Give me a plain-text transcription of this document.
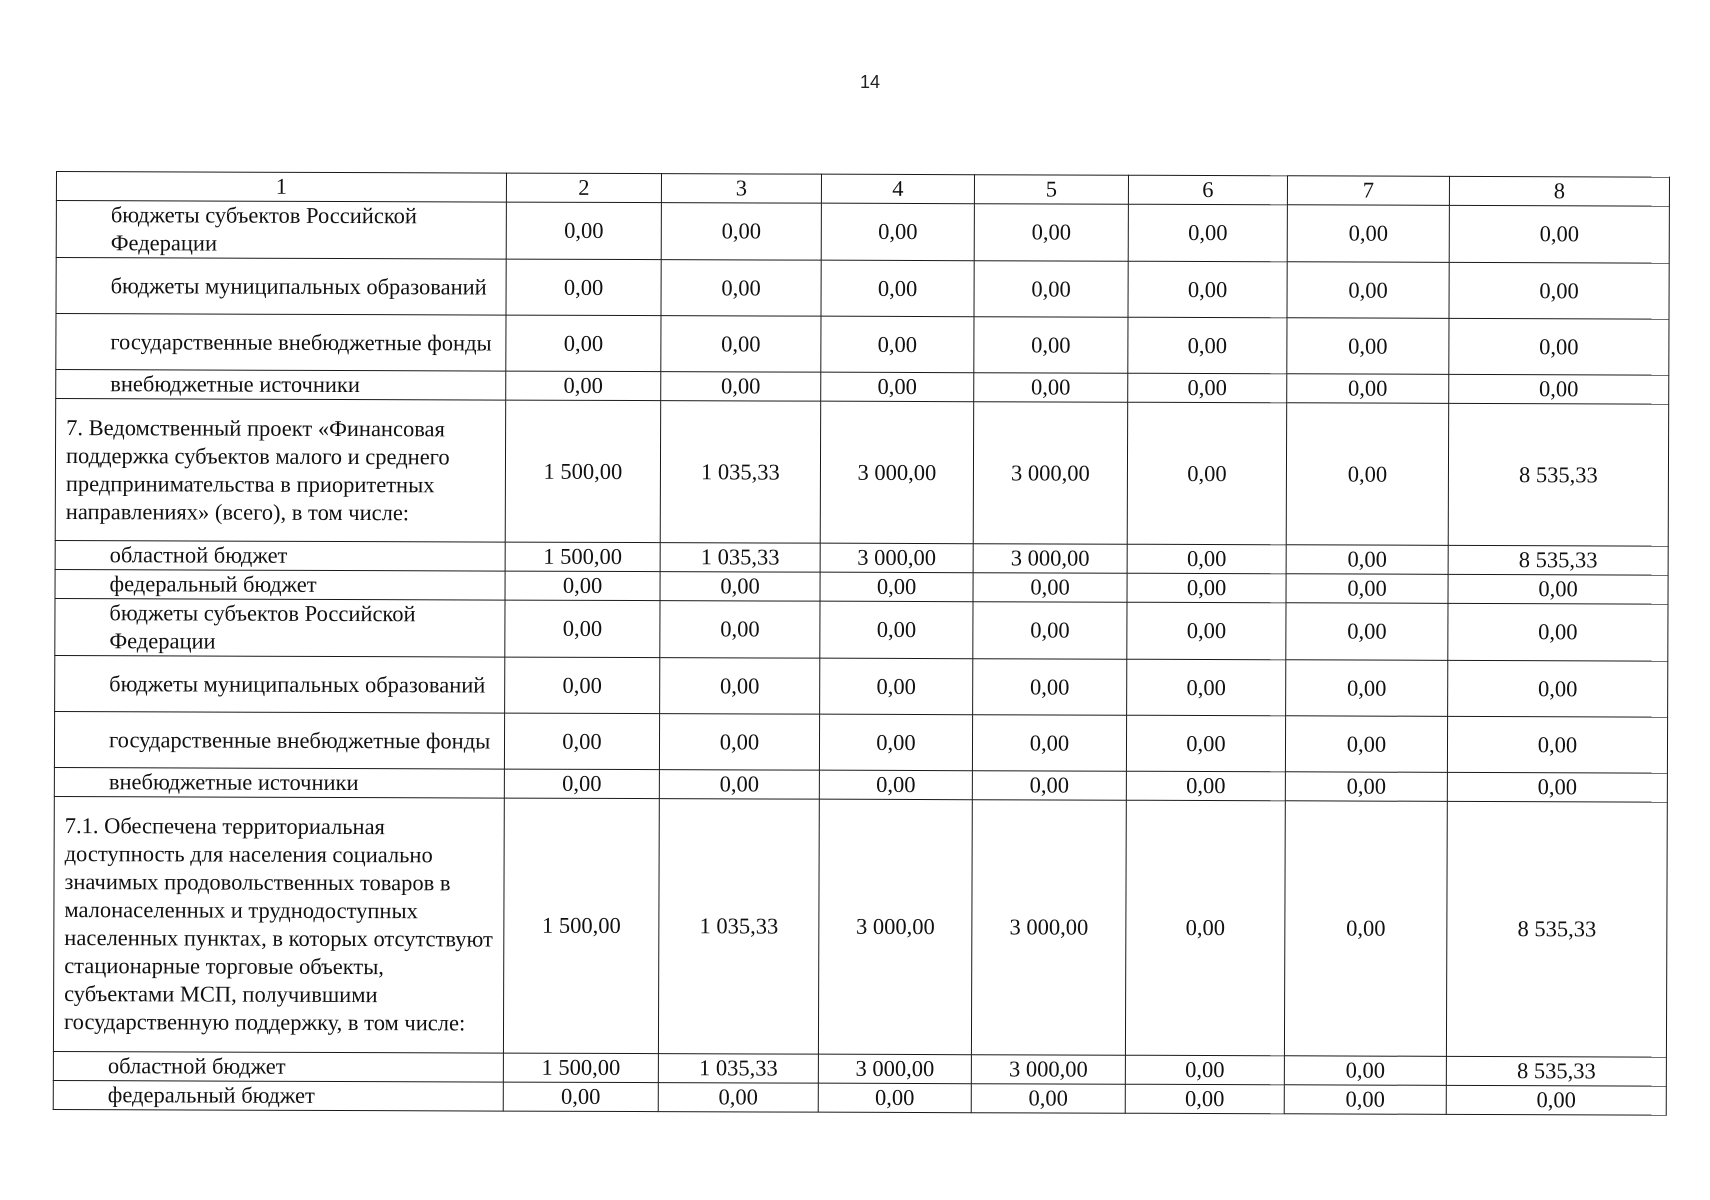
14
1	2	3	4	5	6	7	8
бюджеты субъектов Российской Федерации	0,00	0,00	0,00	0,00	0,00	0,00	0,00
бюджеты муниципальных образований	0,00	0,00	0,00	0,00	0,00	0,00	0,00
государственные внебюджетные фонды	0,00	0,00	0,00	0,00	0,00	0,00	0,00
внебюджетные источники	0,00	0,00	0,00	0,00	0,00	0,00	0,00
7. Ведомственный проект «Финансовая поддержка субъектов малого и среднего предпринимательства в приоритетных направлениях» (всего), в том числе:	1 500,00	1 035,33	3 000,00	3 000,00	0,00	0,00	8 535,33
областной бюджет	1 500,00	1 035,33	3 000,00	3 000,00	0,00	0,00	8 535,33
федеральный бюджет	0,00	0,00	0,00	0,00	0,00	0,00	0,00
бюджеты субъектов Российской Федерации	0,00	0,00	0,00	0,00	0,00	0,00	0,00
бюджеты муниципальных образований	0,00	0,00	0,00	0,00	0,00	0,00	0,00
государственные внебюджетные фонды	0,00	0,00	0,00	0,00	0,00	0,00	0,00
внебюджетные источники	0,00	0,00	0,00	0,00	0,00	0,00	0,00
7.1. Обеспечена территориальная доступность для населения социально значимых продовольственных товаров в малонаселенных и труднодоступных населенных пунктах, в которых отсутствуют стационарные торговые объекты, субъектами МСП, получившими государственную поддержку, в том числе:	1 500,00	1 035,33	3 000,00	3 000,00	0,00	0,00	8 535,33
областной бюджет	1 500,00	1 035,33	3 000,00	3 000,00	0,00	0,00	8 535,33
федеральный бюджет	0,00	0,00	0,00	0,00	0,00	0,00	0,00
